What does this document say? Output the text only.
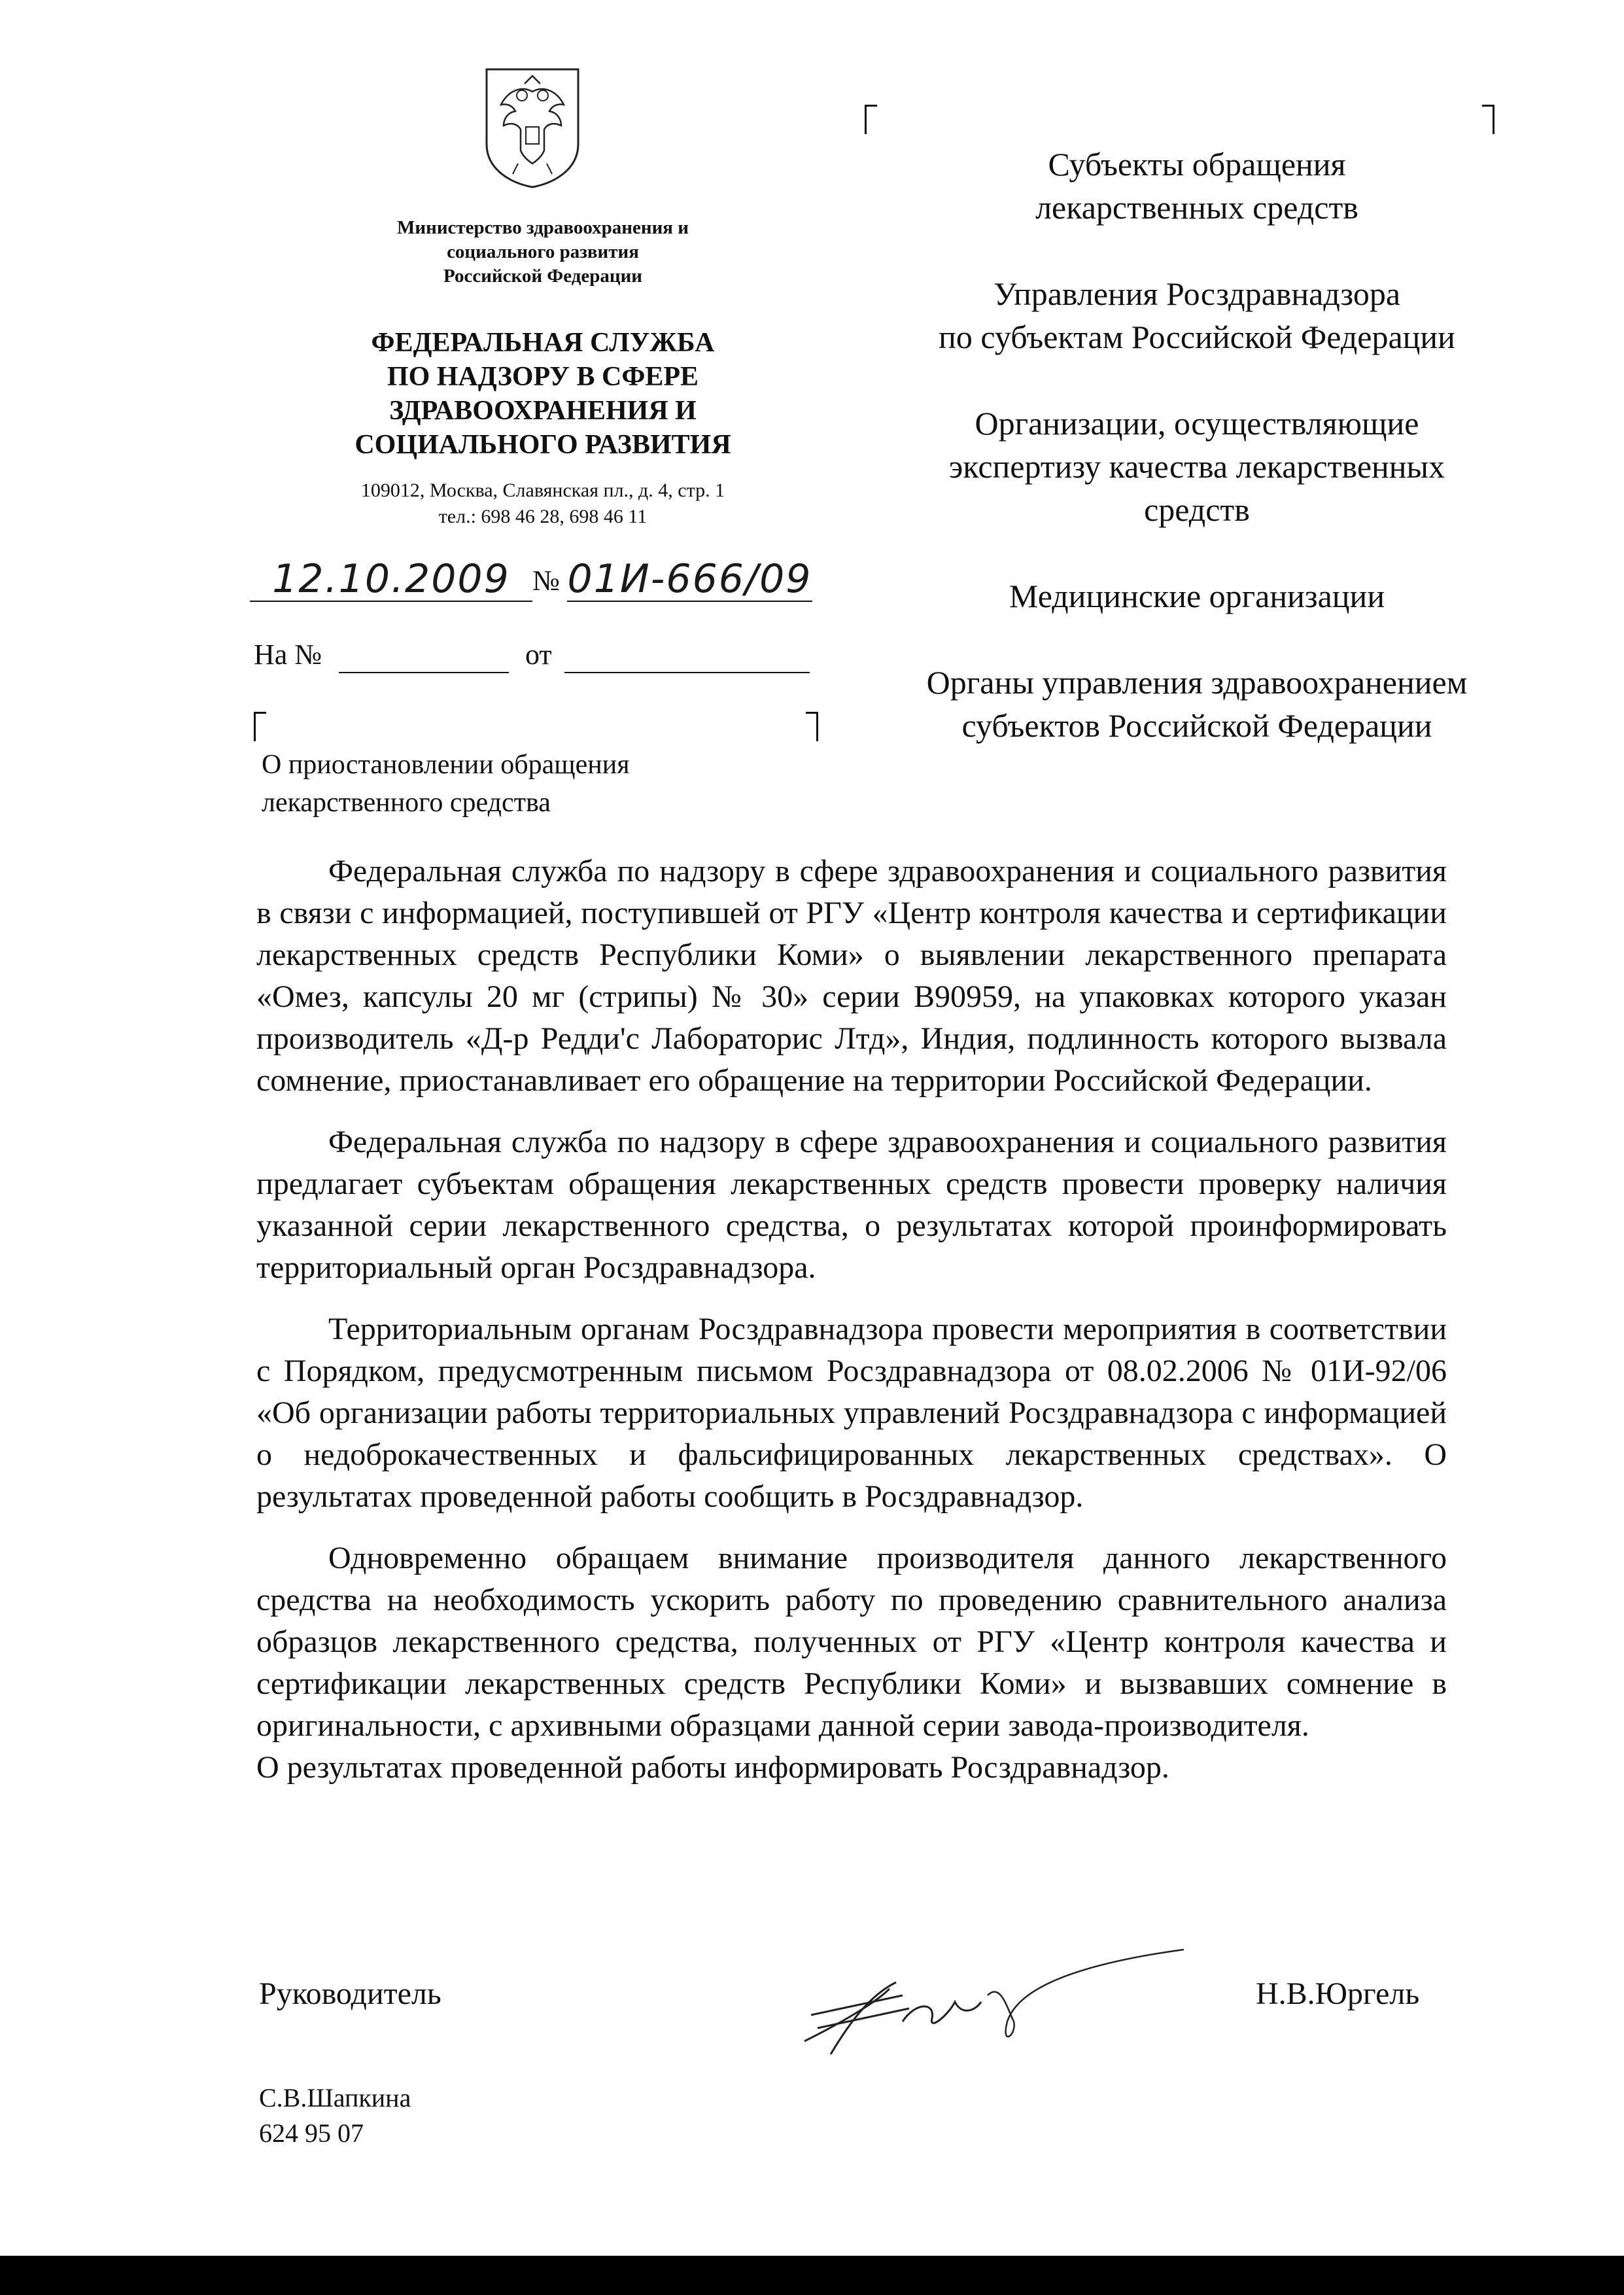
Министерство здравоохранения и
социального развития
Российской Федерации
ФЕДЕРАЛЬНАЯ СЛУЖБА
ПО НАДЗОРУ В СФЕРЕ
ЗДРАВООХРАНЕНИЯ И
СОЦИАЛЬНОГО РАЗВИТИЯ
109012, Москва, Славянская пл., д. 4, стр. 1
тел.: 698 46 28, 698 46 11
12.10.2009 № 01И-666/09
На №	от
О приостановлении обращения
лекарственного средства
Субъекты обращения
лекарственных средств
Управления Росздравнадзора
по субъектам Российской Федерации
Организации, осуществляющие
экспертизу качества лекарственных
средств
Медицинские организации
Органы управления здравоохранением
субъектов Российской Федерации

Федеральная служба по надзору в сфере здравоохранения и социального развития в связи с информацией, поступившей от РГУ «Центр контроля качества и сертификации лекарственных средств Республики Коми» о выявлении лекарственного препарата «Омез, капсулы 20 мг (стрипы) № 30» серии B90959, на упаковках которого указан производитель «Д-р Редди'с Лабораторис Лтд», Индия, подлинность которого вызвала сомнение, приостанавливает его обращение на территории Российской Федерации.

Федеральная служба по надзору в сфере здравоохранения и социального развития предлагает субъектам обращения лекарственных средств провести проверку наличия указанной серии лекарственного средства, о результатах которой проинформировать территориальный орган Росздравнадзора.

Территориальным органам Росздравнадзора провести мероприятия в соответствии с Порядком, предусмотренным письмом Росздравнадзора от 08.02.2006 № 01И-92/06 «Об организации работы территориальных управлений Росздравнадзора с информацией о недоброкачественных и фальсифицированных лекарственных средствах». О результатах проведенной работы сообщить в Росздравнадзор.

Одновременно обращаем внимание производителя данного лекарственного средства на необходимость ускорить работу по проведению сравнительного анализа образцов лекарственного средства, полученных от РГУ «Центр контроля качества и сертификации лекарственных средств Республики Коми» и вызвавших сомнение в оригинальности, с архивными образцами данной серии завода-производителя.

О результатах проведенной работы информировать Росздравнадзор.

Руководитель	Н.В.Юргель
С.В.Шапкина
624 95 07
